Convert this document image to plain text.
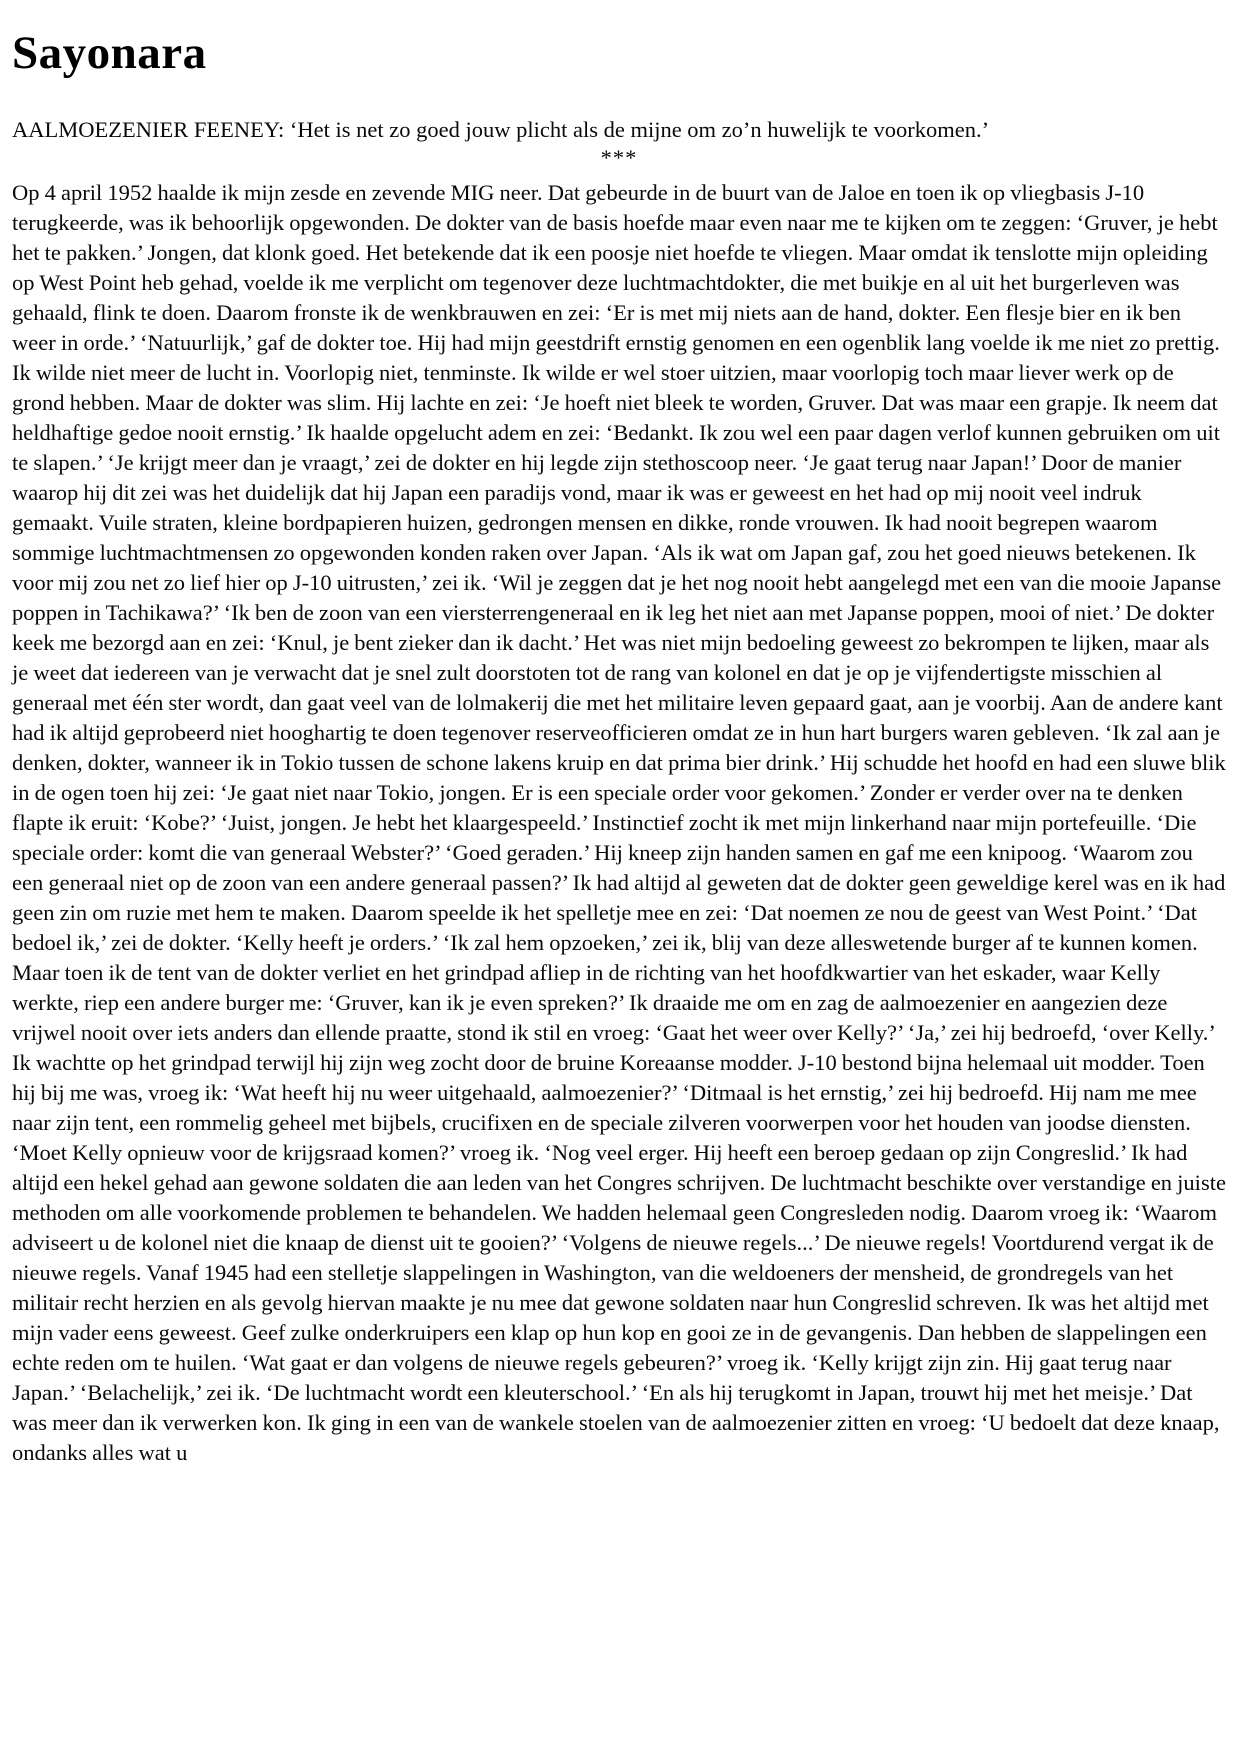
Sayonara

AALMOEZENIER FEENEY: ‘Het is net zo goed jouw plicht als de mijne om zo’n huwelijk te voorkomen.’

***

Op 4 april 1952 haalde ik mijn zesde en zevende MIG neer. Dat gebeurde in de buurt van de Jaloe en toen ik op vliegbasis J-10 terugkeerde, was ik behoorlijk opgewonden. De dokter van de basis hoefde maar even naar me te kijken om te zeggen: ‘Gruver, je hebt het te pakken.’ Jongen, dat klonk goed. Het betekende dat ik een poosje niet hoefde te vliegen. Maar omdat ik tenslotte mijn opleiding op West Point heb gehad, voelde ik me verplicht om tegenover deze luchtmachtdokter, die met buikje en al uit het burgerleven was gehaald, flink te doen. Daarom fronste ik de wenkbrauwen en zei: ‘Er is met mij niets aan de hand, dokter. Een flesje bier en ik ben weer in orde.’ ‘Natuurlijk,’ gaf de dokter toe. Hij had mijn geestdrift ernstig genomen en een ogenblik lang voelde ik me niet zo prettig. Ik wilde niet meer de lucht in. Voorlopig niet, tenminste. Ik wilde er wel stoer uitzien, maar voorlopig toch maar liever werk op de grond hebben. Maar de dokter was slim. Hij lachte en zei: ‘Je hoeft niet bleek te worden, Gruver. Dat was maar een grapje. Ik neem dat heldhaftige gedoe nooit ernstig.’ Ik haalde opgelucht adem en zei: ‘Bedankt. Ik zou wel een paar dagen verlof kunnen gebruiken om uit te slapen.’ ‘Je krijgt meer dan je vraagt,’ zei de dokter en hij legde zijn stethoscoop neer. ‘Je gaat terug naar Japan!’ Door de manier waarop hij dit zei was het duidelijk dat hij Japan een paradijs vond, maar ik was er geweest en het had op mij nooit veel indruk gemaakt. Vuile straten, kleine bordpapieren huizen, gedrongen mensen en dikke, ronde vrouwen. Ik had nooit begrepen waarom sommige luchtmachtmensen zo opgewonden konden raken over Japan. ‘Als ik wat om Japan gaf, zou het goed nieuws betekenen. Ik voor mij zou net zo lief hier op J-10 uitrusten,’ zei ik. ‘Wil je zeggen dat je het nog nooit hebt aangelegd met een van die mooie Japanse poppen in Tachikawa?’ ‘Ik ben de zoon van een viersterrengeneraal en ik leg het niet aan met Japanse poppen, mooi of niet.’ De dokter keek me bezorgd aan en zei: ‘Knul, je bent zieker dan ik dacht.’ Het was niet mijn bedoeling geweest zo bekrompen te lijken, maar als je weet dat iedereen van je verwacht dat je snel zult doorstoten tot de rang van kolonel en dat je op je vijfendertigste misschien al generaal met één ster wordt, dan gaat veel van de lolmakerij die met het militaire leven gepaard gaat, aan je voorbij. Aan de andere kant had ik altijd geprobeerd niet hooghartig te doen tegenover reserveofficieren omdat ze in hun hart burgers waren gebleven. ‘Ik zal aan je denken, dokter, wanneer ik in Tokio tussen de schone lakens kruip en dat prima bier drink.’ Hij schudde het hoofd en had een sluwe blik in de ogen toen hij zei: ‘Je gaat niet naar Tokio, jongen. Er is een speciale order voor gekomen.’ Zonder er verder over na te denken flapte ik eruit: ‘Kobe?’ ‘Juist, jongen. Je hebt het klaargespeeld.’ Instinctief zocht ik met mijn linkerhand naar mijn portefeuille. ‘Die speciale order: komt die van generaal Webster?’ ‘Goed geraden.’ Hij kneep zijn handen samen en gaf me een knipoog. ‘Waarom zou een generaal niet op de zoon van een andere generaal passen?’ Ik had altijd al geweten dat de dokter geen geweldige kerel was en ik had geen zin om ruzie met hem te maken. Daarom speelde ik het spelletje mee en zei: ‘Dat noemen ze nou de geest van West Point.’ ‘Dat bedoel ik,’ zei de dokter. ‘Kelly heeft je orders.’ ‘Ik zal hem opzoeken,’ zei ik, blij van deze alleswetende burger af te kunnen komen. Maar toen ik de tent van de dokter verliet en het grindpad afliep in de richting van het hoofdkwartier van het eskader, waar Kelly werkte, riep een andere burger me: ‘Gruver, kan ik je even spreken?’ Ik draaide me om en zag de aalmoezenier en aangezien deze vrijwel nooit over iets anders dan ellende praatte, stond ik stil en vroeg: ‘Gaat het weer over Kelly?’ ‘Ja,’ zei hij bedroefd, ‘over Kelly.’ Ik wachtte op het grindpad terwijl hij zijn weg zocht door de bruine Koreaanse modder. J-10 bestond bijna helemaal uit modder. Toen hij bij me was, vroeg ik: ‘Wat heeft hij nu weer uitgehaald, aalmoezenier?’ ‘Ditmaal is het ernstig,’ zei hij bedroefd. Hij nam me mee naar zijn tent, een rommelig geheel met bijbels, crucifixen en de speciale zilveren voorwerpen voor het houden van joodse diensten. ‘Moet Kelly opnieuw voor de krijgsraad komen?’ vroeg ik. ‘Nog veel erger. Hij heeft een beroep gedaan op zijn Congreslid.’ Ik had altijd een hekel gehad aan gewone soldaten die aan leden van het Congres schrijven. De luchtmacht beschikte over verstandige en juiste methoden om alle voorkomende problemen te behandelen. We hadden helemaal geen Congresleden nodig. Daarom vroeg ik: ‘Waarom adviseert u de kolonel niet die knaap de dienst uit te gooien?’ ‘Volgens de nieuwe regels...’ De nieuwe regels! Voortdurend vergat ik de nieuwe regels. Vanaf 1945 had een stelletje slappelingen in Washington, van die weldoeners der mensheid, de grondregels van het militair recht herzien en als gevolg hiervan maakte je nu mee dat gewone soldaten naar hun Congreslid schreven. Ik was het altijd met mijn vader eens geweest. Geef zulke onderkruipers een klap op hun kop en gooi ze in de gevangenis. Dan hebben de slappelingen een echte reden om te huilen. ‘Wat gaat er dan volgens de nieuwe regels gebeuren?’ vroeg ik. ‘Kelly krijgt zijn zin. Hij gaat terug naar Japan.’ ‘Belachelijk,’ zei ik. ‘De luchtmacht wordt een kleuterschool.’ ‘En als hij terugkomt in Japan, trouwt hij met het meisje.’ Dat was meer dan ik verwerken kon. Ik ging in een van de wankele stoelen van de aalmoezenier zitten en vroeg: ‘U bedoelt dat deze knaap, ondanks alles wat u
